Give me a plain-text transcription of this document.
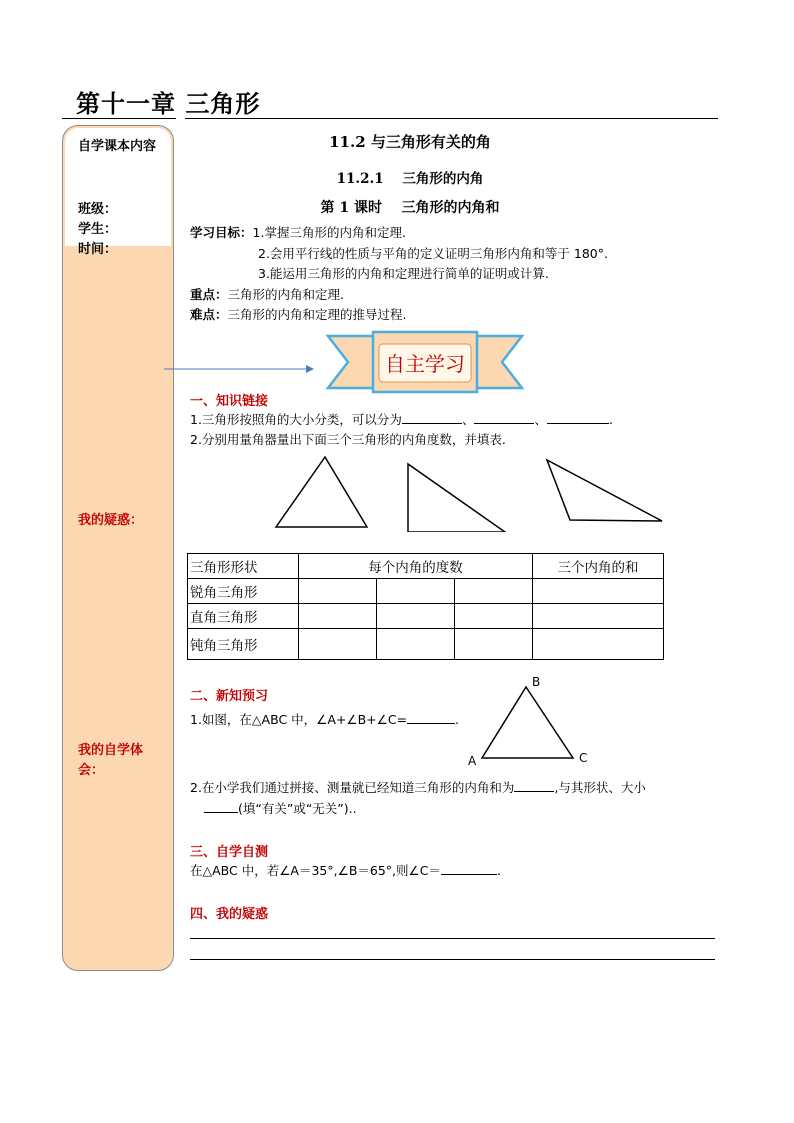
第十一章 三角形
自学课本内容
班级：
学生：
时间：
我的疑惑：
我的自学体会：
11.2 与三角形有关的角
11.2.1    三角形的内角
第 1 课时    三角形的内角和
学习目标：1.掌握三角形的内角和定理.
2.会用平行线的性质与平角的定义证明三角形内角和等于 180°.
3.能运用三角形的内角和定理进行简单的证明或计算.
重点：三角形的内角和定理.
难点：三角形的内角和定理的推导过程.
自主学习
一、知识链接
1.三角形按照角的大小分类，可以分为	、	、	.
2.分别用量角器量出下面三个三角形的内角度数，并填表.
三角形形状	每个内角的度数			三个内角的和
锐角三角形				
直角三角形				
钝角三角形				
二、新知预习
1.如图，在△ABC 中，∠A+∠B+∠C=	.
B
A	C
2.在小学我们通过拼接、测量就已经知道三角形的内角和为	,与其形状、大小
(填“有关”或“无关”)..
三、自学自测
在△ABC 中，若∠A＝35°,∠B＝65°,则∠C＝	.
四、我的疑惑
